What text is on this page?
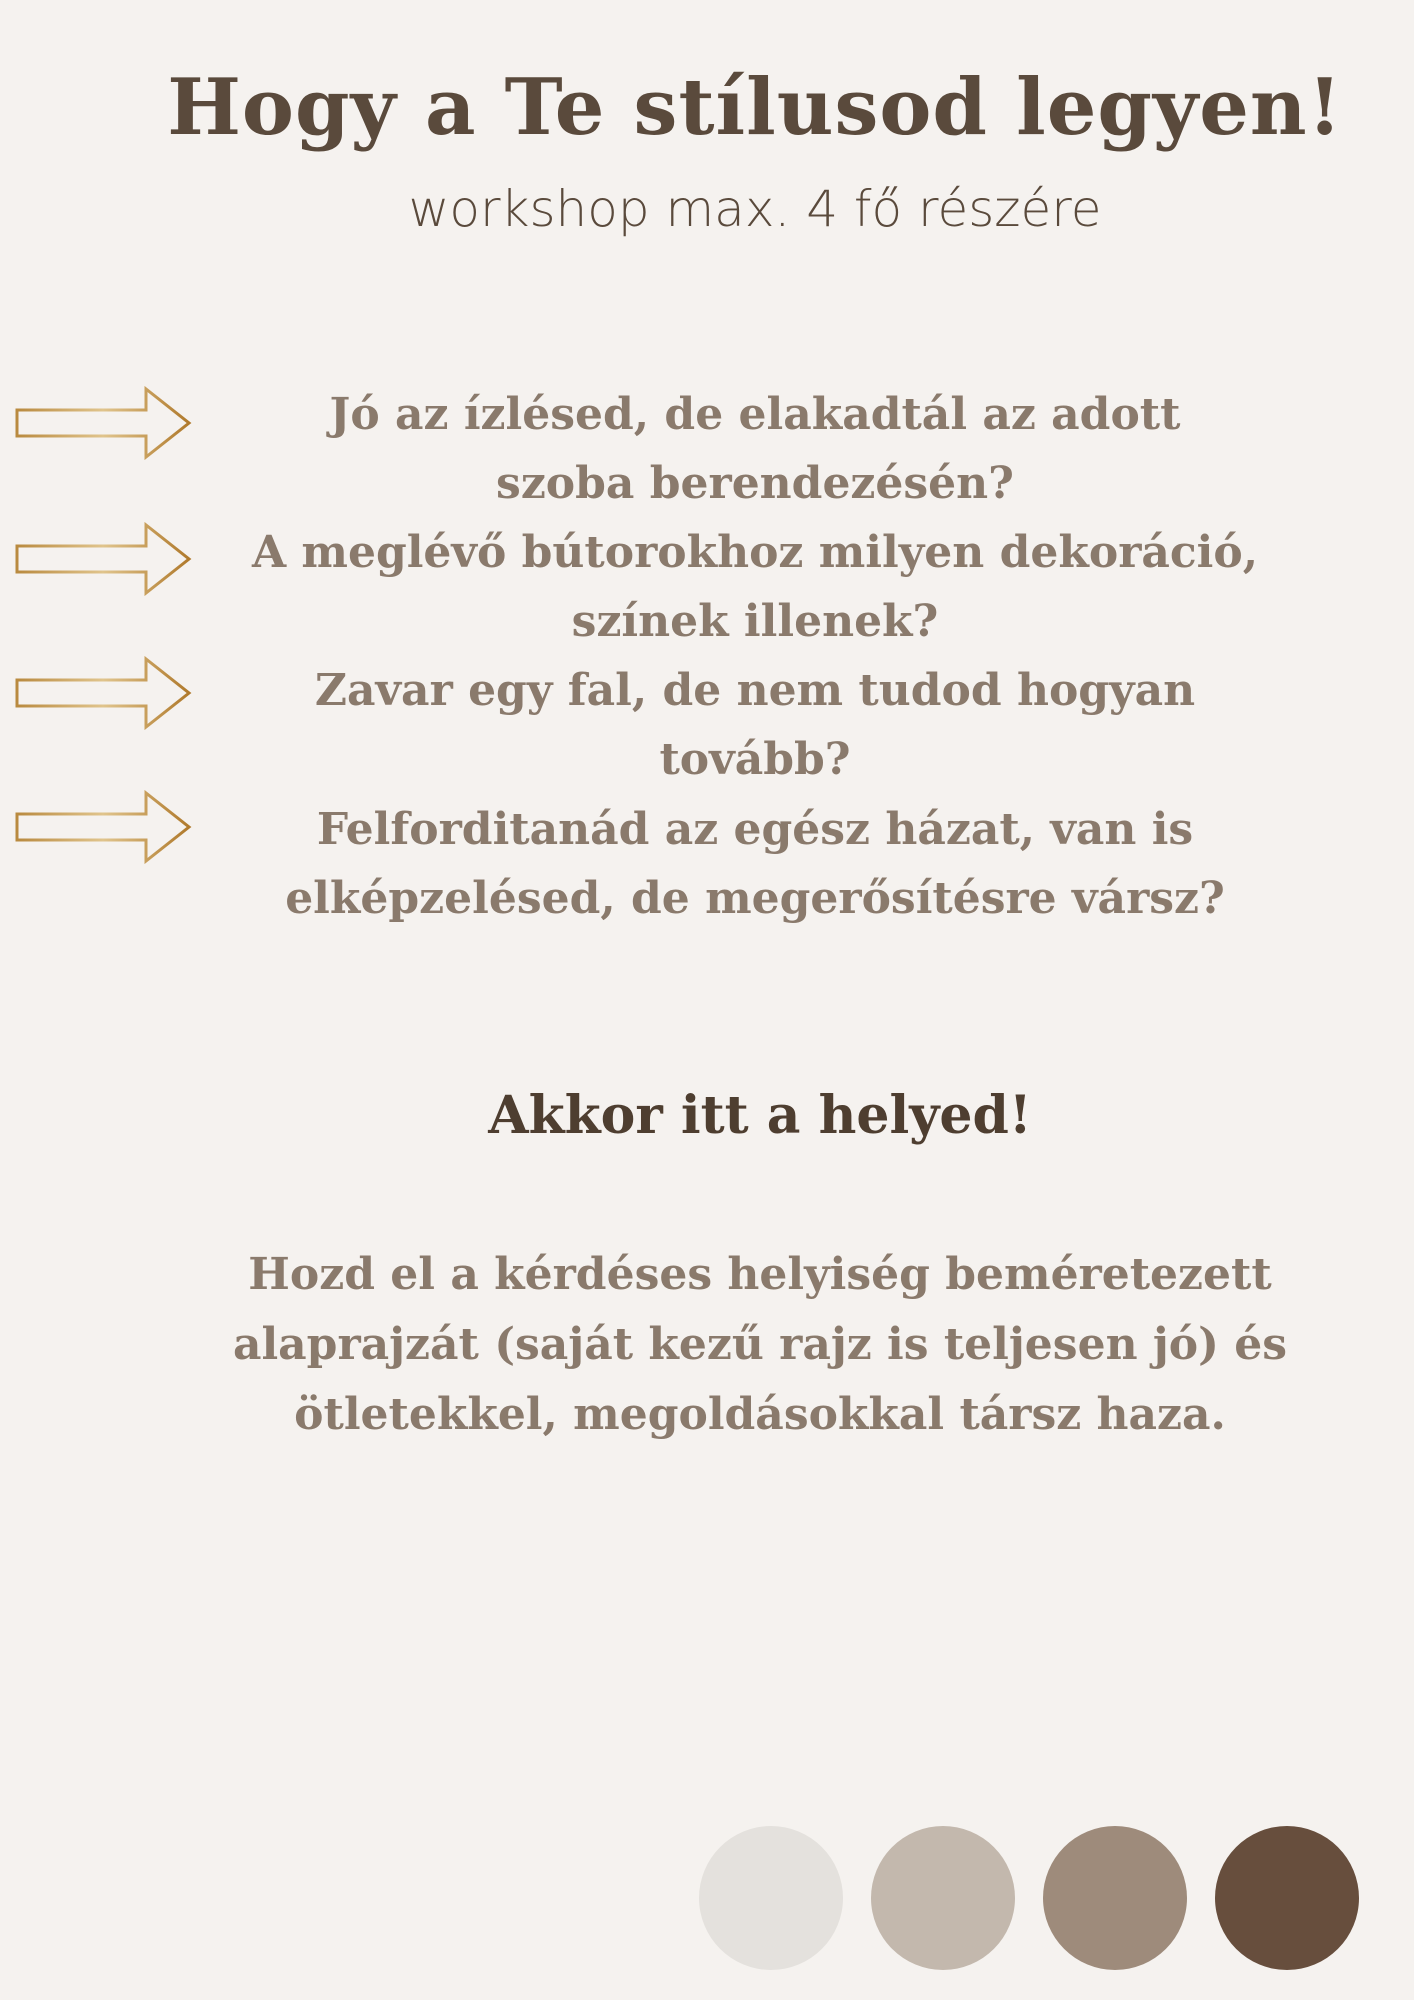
Hogy a Te stílusod legyen!

workshop max. 4 fő részére

Jó az ízlésed, de elakadtál az adott
szoba berendezésén?
A meglévő bútorokhoz milyen dekoráció,
színek illenek?
Zavar egy fal, de nem tudod hogyan
tovább?
Felforditanád az egész házat, van is
elképzelésed, de megerősítésre vársz?
Akkor itt a helyed!
Hozd el a kérdéses helyiség beméretezett
alaprajzát (saját kezű rajz is teljesen jó) és
ötletekkel, megoldásokkal társz haza.
